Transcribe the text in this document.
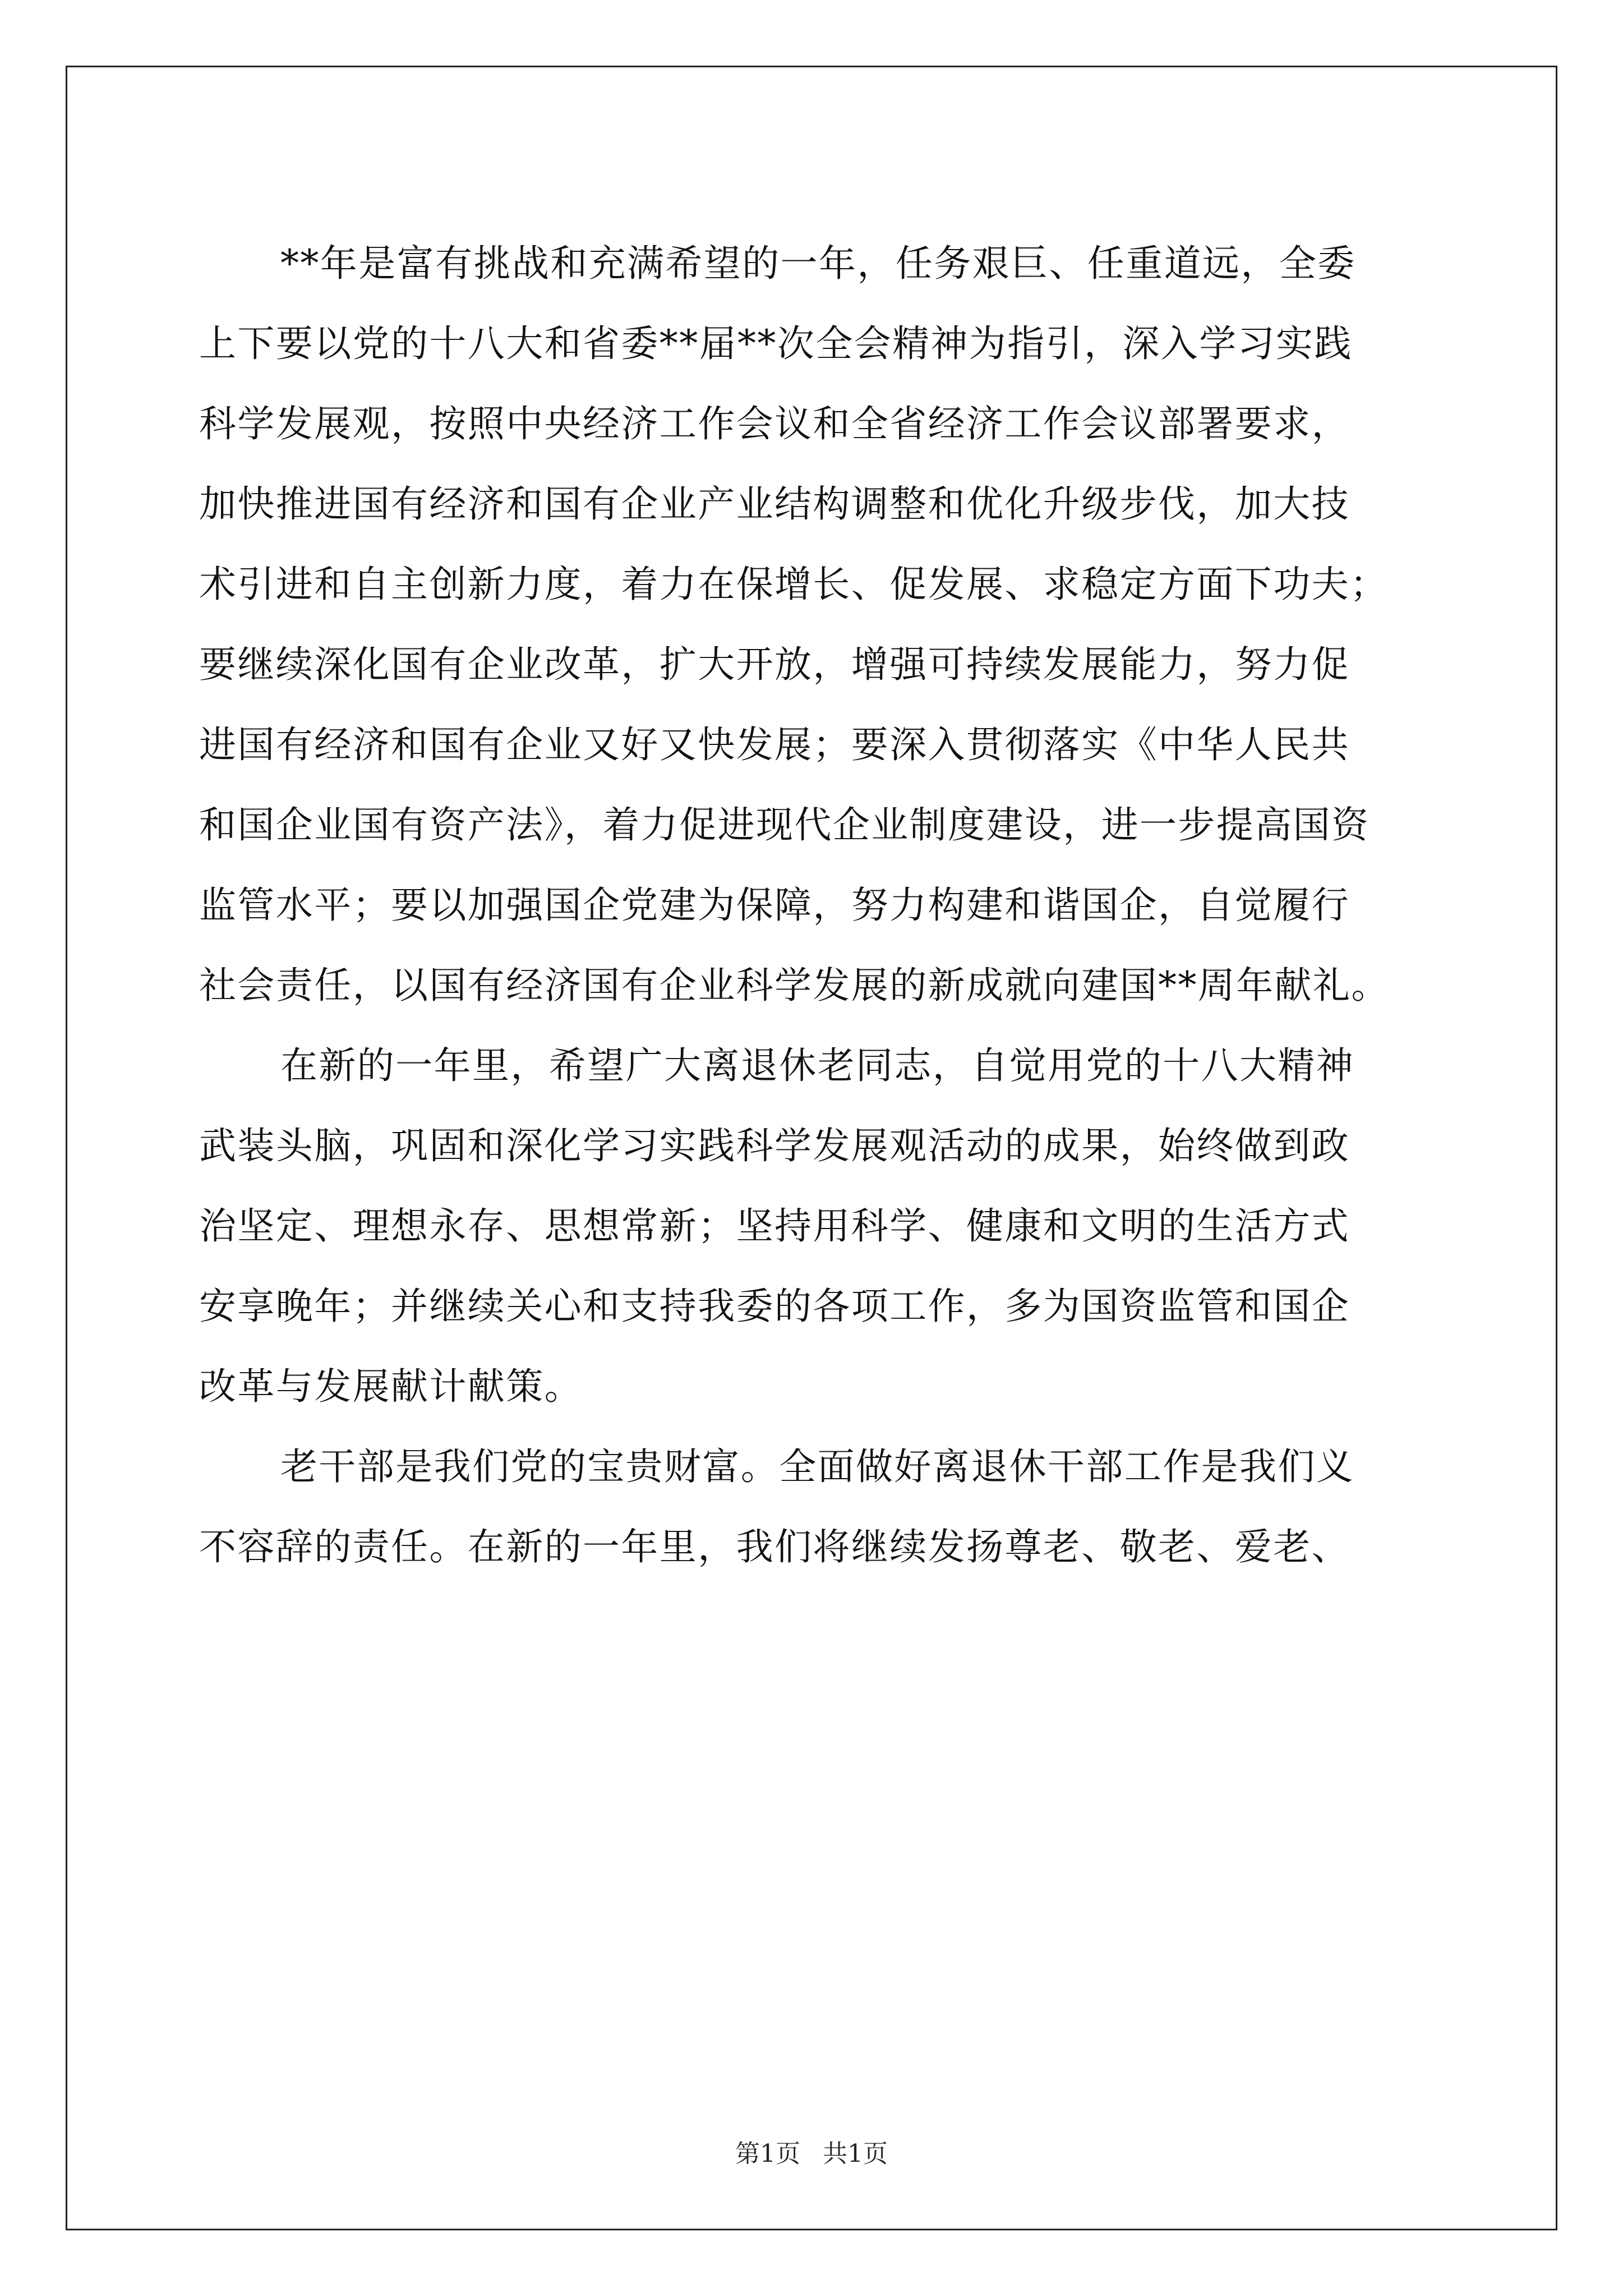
**年是富有挑战和充满希望的一年，任务艰巨、任重道远，全委
上下要以党的十八大和省委**届**次全会精神为指引，深入学习实践
科学发展观，按照中央经济工作会议和全省经济工作会议部署要求，
加快推进国有经济和国有企业产业结构调整和优化升级步伐，加大技
术引进和自主创新力度，着力在保增长、促发展、求稳定方面下功夫；
要继续深化国有企业改革，扩大开放，增强可持续发展能力，努力促
进国有经济和国有企业又好又快发展；要深入贯彻落实《中华人民共
和国企业国有资产法》，着力促进现代企业制度建设，进一步提高国资
监管水平；要以加强国企党建为保障，努力构建和谐国企，自觉履行
社会责任，以国有经济国有企业科学发展的新成就向建国**周年献礼。
在新的一年里，希望广大离退休老同志，自觉用党的十八大精神
武装头脑，巩固和深化学习实践科学发展观活动的成果，始终做到政
治坚定、理想永存、思想常新；坚持用科学、健康和文明的生活方式
安享晚年；并继续关心和支持我委的各项工作，多为国资监管和国企
改革与发展献计献策。
老干部是我们党的宝贵财富。全面做好离退休干部工作是我们义
不容辞的责任。在新的一年里，我们将继续发扬尊老、敬老、爱老、
第1页 共1页
